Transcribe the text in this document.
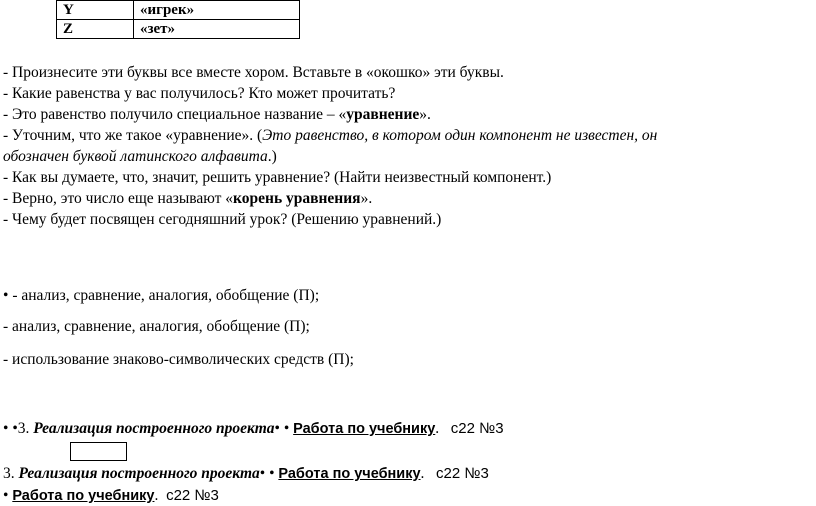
Y	«игрек»
Z	«зет»
- Произнесите эти буквы все вместе хором. Вставьте в «окошко» эти буквы.
- Какие равенства у вас получилось? Кто может прочитать?
- Это равенство получило специальное название – «уравнение».
- Уточним, что же такое «уравнение». (Это равенство, в котором один компонент не известен, он
обозначен буквой латинского алфавита.)
- Как вы думаете, что, значит, решить уравнение? (Найти неизвестный компонент.)
- Верно, это число еще называют «корень уравнения».
- Чему будет посвящен сегодняшний урок? (Решению уравнений.)
• - анализ, сравнение, аналогия, обобщение (П);
- анализ, сравнение, аналогия, обобщение (П);
- использование знаково-символических средств (П);
• •3. Реализация построенного проекта• • Работа по учебнику. с22 №3
3. Реализация построенного проекта• • Работа по учебнику. с22 №3
• Работа по учебнику. с22 №3
